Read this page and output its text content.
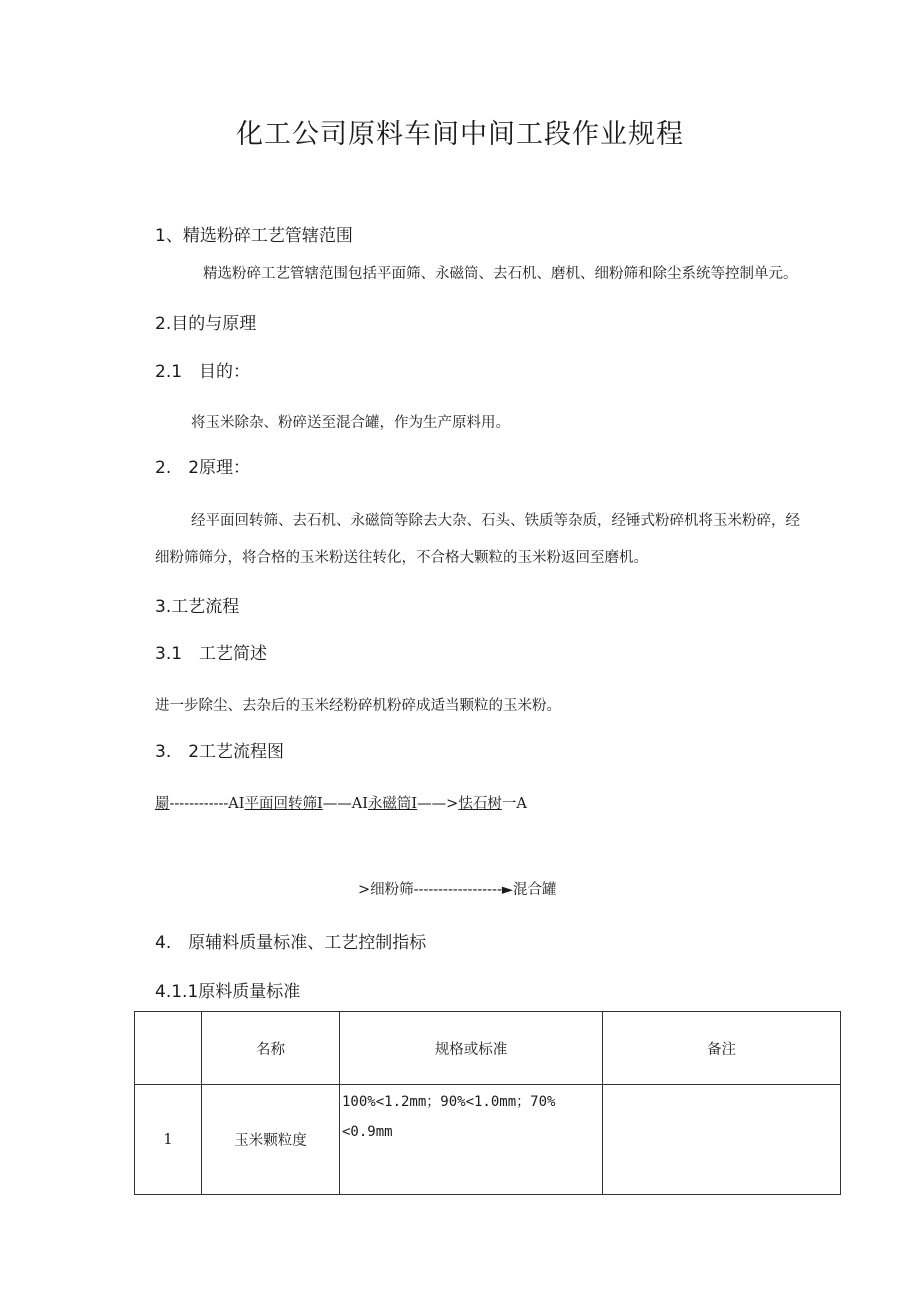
化工公司原料车间中间工段作业规程
1、精选粉碎工艺管辖范围
精选粉碎工艺管辖范围包括平面筛、永磁筒、去石机、磨机、细粉筛和除尘系统等控制单元。
2.目的与原理
2.1　目的：
将玉米除杂、粉碎送至混合罐，作为生产原料用。
2.　2原理：
经平面回转筛、去石机、永磁筒等除去大杂、石头、铁质等杂质，经锤式粉碎机将玉米粉碎，经
细粉筛筛分，将合格的玉米粉送往转化，不合格大颗粒的玉米粉返回至磨机。
3.工艺流程
3.1　工艺简述
进一步除尘、去杂后的玉米经粉碎机粉碎成适当颗粒的玉米粉。
3.　2工艺流程图
罽------------AI平面回转筛I——AI永磁筒I——>怯石树一A
>细粉筛------------------►混合罐
4.　原辅料质量标准、工艺控制指标
4.1.1原料质量标准
	名称	规格或标准	备注
1	玉米颗粒度	100%<1.2mm；90%<1.0mm；70%<0.9mm	
